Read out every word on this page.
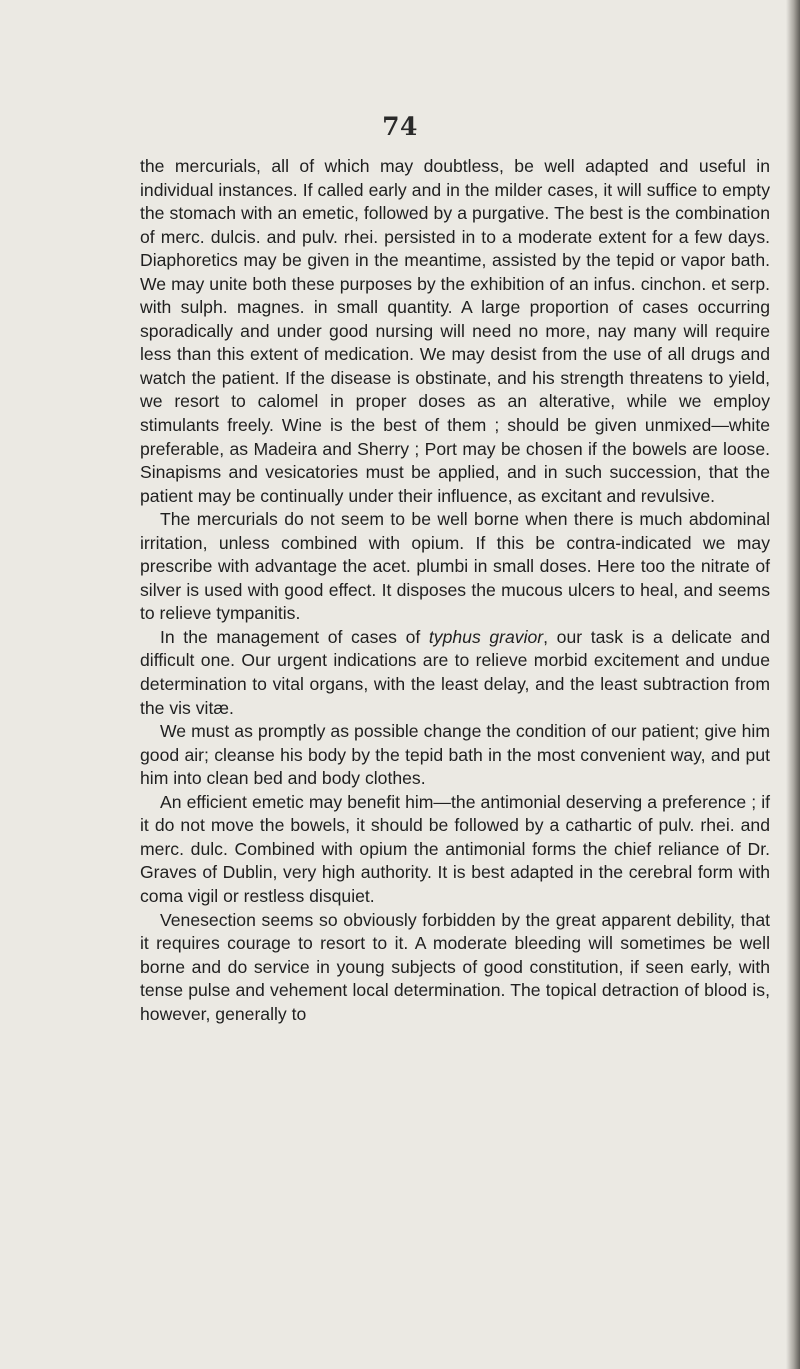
74

the mercurials, all of which may doubtless, be well adapted and useful in individual instances. If called early and in the milder cases, it will suffice to empty the stomach with an emetic, followed by a purgative. The best is the combination of merc. dulcis. and pulv. rhei. persisted in to a moderate extent for a few days. Diaphoretics may be given in the meantime, assisted by the tepid or vapor bath. We may unite both these purposes by the exhibition of an infus. cinchon. et serp. with sulph. magnes. in small quantity. A large proportion of cases occurring sporadically and under good nursing will need no more, nay many will require less than this extent of medication. We may desist from the use of all drugs and watch the patient. If the disease is obstinate, and his strength threatens to yield, we resort to calomel in proper doses as an alterative, while we employ stimulants freely. Wine is the best of them ; should be given unmixed—white preferable, as Madeira and Sherry ; Port may be chosen if the bowels are loose. Sinapisms and vesicatories must be applied, and in such succession, that the patient may be continually under their influence, as excitant and revulsive.

The mercurials do not seem to be well borne when there is much abdominal irritation, unless combined with opium. If this be contra-indicated we may prescribe with advantage the acet. plumbi in small doses. Here too the nitrate of silver is used with good effect. It disposes the mucous ulcers to heal, and seems to relieve tympanitis.

In the management of cases of typhus gravior, our task is a delicate and difficult one. Our urgent indications are to relieve morbid excitement and undue determination to vital organs, with the least delay, and the least subtraction from the vis vitæ.

We must as promptly as possible change the condition of our patient; give him good air; cleanse his body by the tepid bath in the most convenient way, and put him into clean bed and body clothes.

An efficient emetic may benefit him—the antimonial deserving a preference ; if it do not move the bowels, it should be followed by a cathartic of pulv. rhei. and merc. dulc. Combined with opium the antimonial forms the chief reliance of Dr. Graves of Dublin, very high authority. It is best adapted in the cerebral form with coma vigil or restless disquiet.

Venesection seems so obviously forbidden by the great apparent debility, that it requires courage to resort to it. A moderate bleeding will sometimes be well borne and do service in young subjects of good constitution, if seen early, with tense pulse and vehement local determination. The topical detraction of blood is, however, generally to
